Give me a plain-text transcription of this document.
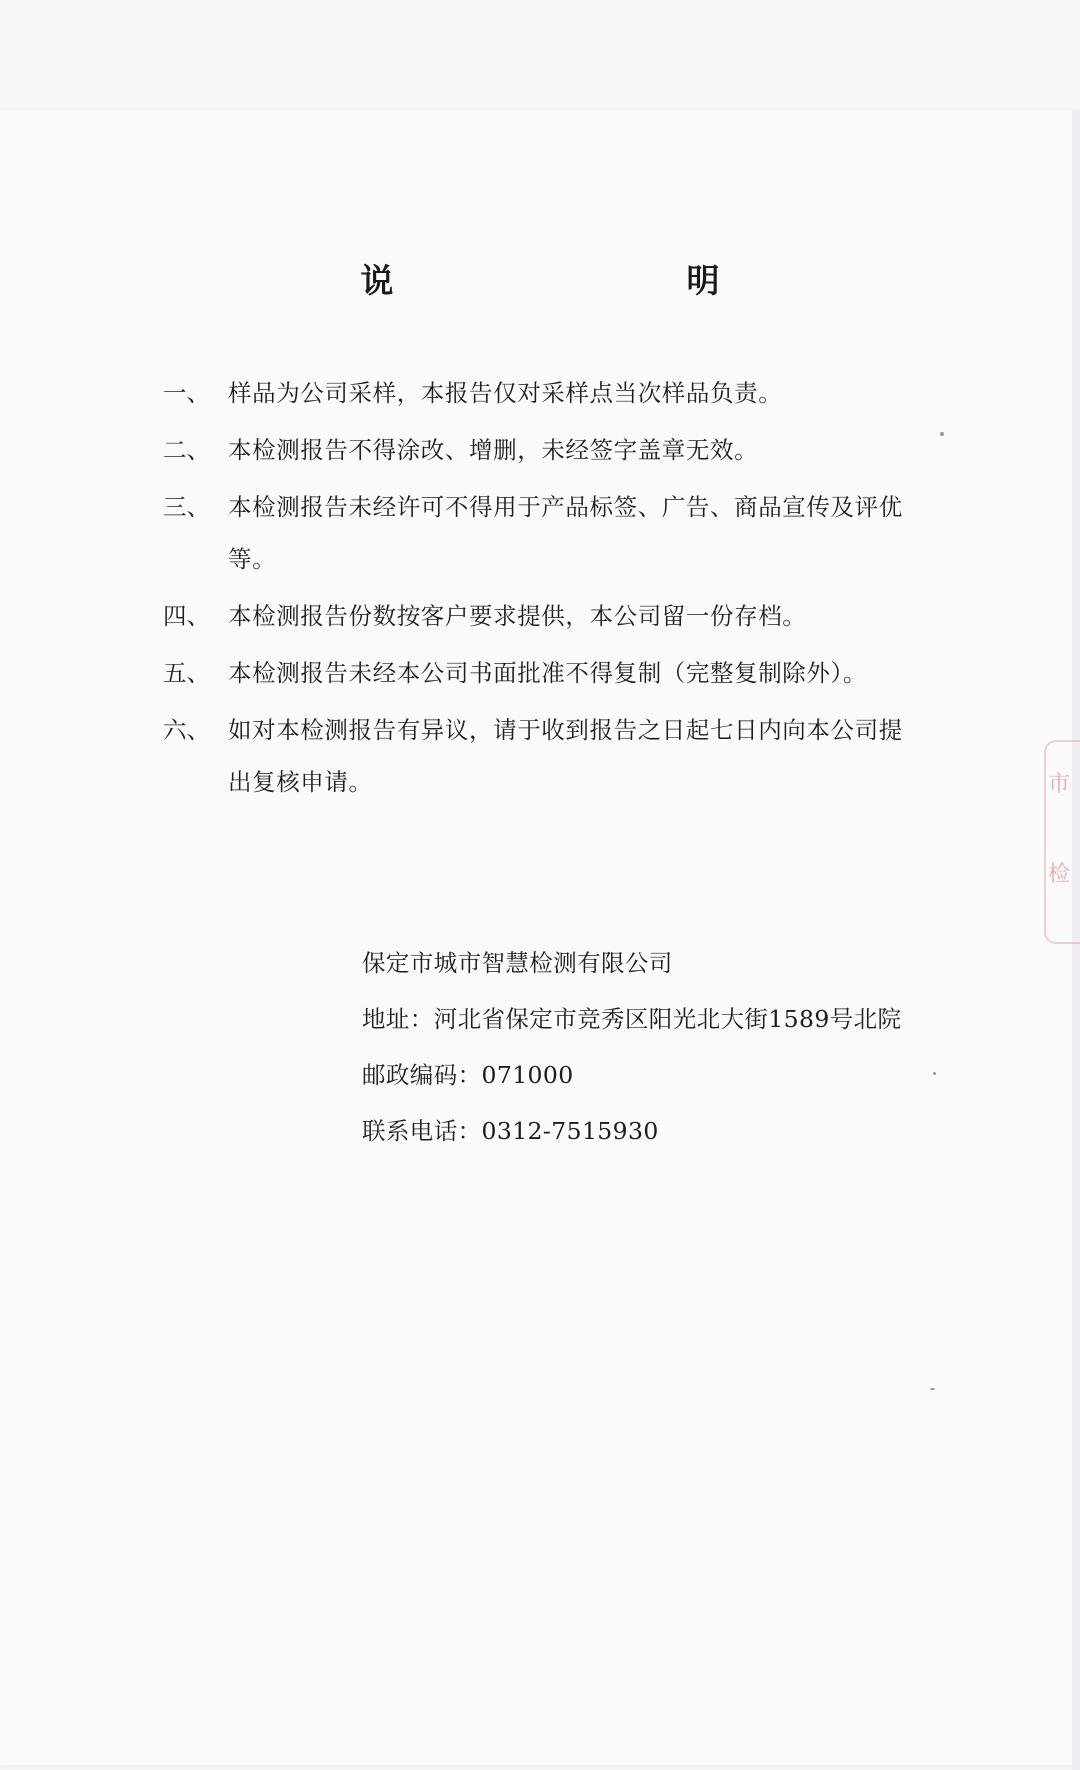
说　明
一、 样品为公司采样，本报告仅对采样点当次样品负责。
二、 本检测报告不得涂改、增删，未经签字盖章无效。
三、 本检测报告未经许可不得用于产品标签、广告、商品宣传及评优等。
四、 本检测报告份数按客户要求提供，本公司留一份存档。
五、 本检测报告未经本公司书面批准不得复制（完整复制除外）。
六、 如对本检测报告有异议，请于收到报告之日起七日内向本公司提出复核申请。
保定市城市智慧检测有限公司
地址：河北省保定市竞秀区阳光北大街1589号北院
邮政编码：071000
联系电话：0312-7515930
市
检
